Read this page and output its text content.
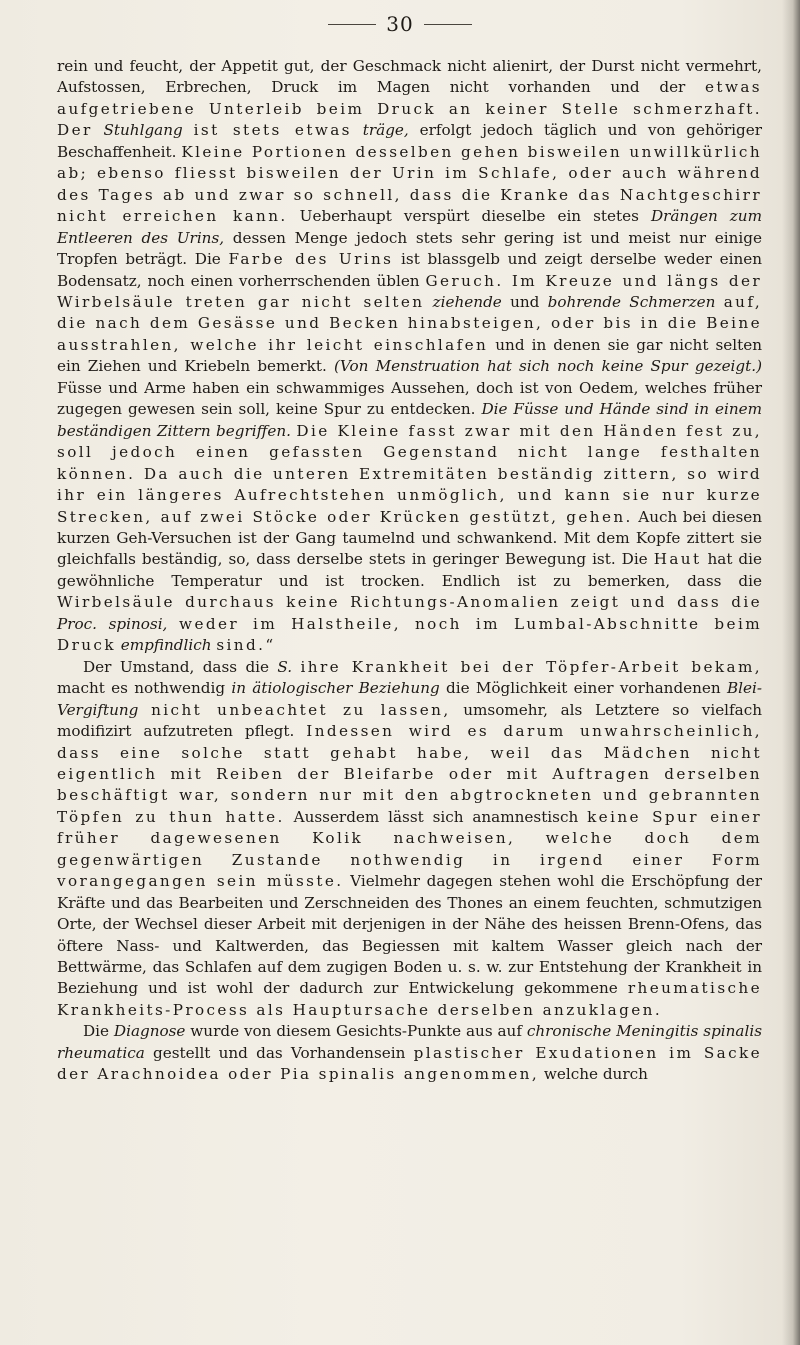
30

rein und feucht, der Appetit gut, der Geschmack nicht alienirt, der Durst nicht vermehrt, Aufstossen, Erbrechen, Druck im Magen nicht vorhanden und der etwas aufgetriebene Unterleib beim Druck an keiner Stelle schmerzhaft. Der Stuhlgang ist stets etwas träge, erfolgt jedoch täglich und von gehöriger Beschaffenheit. Kleine Portionen desselben gehen bisweilen unwillkürlich ab; ebenso fliesst bisweilen der Urin im Schlafe, oder auch während des Tages ab und zwar so schnell, dass die Kranke das Nachtgeschirr nicht erreichen kann. Ueberhaupt verspürt dieselbe ein stetes Drängen zum Entleeren des Urins, dessen Menge jedoch stets sehr gering ist und meist nur einige Tropfen beträgt. Die Farbe des Urins ist blassgelb und zeigt derselbe weder einen Bodensatz, noch einen vorherrschenden üblen Geruch. Im Kreuze und längs der Wirbelsäule treten gar nicht selten ziehende und bohrende Schmerzen auf, die nach dem Gesässe und Becken hinabsteigen, oder bis in die Beine ausstrahlen, welche ihr leicht einschlafen und in denen sie gar nicht selten ein Ziehen und Kriebeln bemerkt. (Von Menstruation hat sich noch keine Spur gezeigt.) Füsse und Arme haben ein schwammiges Aussehen, doch ist von Oedem, welches früher zugegen gewesen sein soll, keine Spur zu entdecken. Die Füsse und Hände sind in einem beständigen Zittern begriffen. Die Kleine fasst zwar mit den Händen fest zu, soll jedoch einen gefassten Gegenstand nicht lange festhalten können. Da auch die unteren Extremitäten beständig zittern, so wird ihr ein längeres Aufrechtstehen unmöglich, und kann sie nur kurze Strecken, auf zwei Stöcke oder Krücken gestützt, gehen. Auch bei diesen kurzen Geh-Versuchen ist der Gang taumelnd und schwankend. Mit dem Kopfe zittert sie gleichfalls beständig, so, dass derselbe stets in geringer Bewegung ist. Die Haut hat die gewöhnliche Temperatur und ist trocken. Endlich ist zu bemerken, dass die Wirbelsäule durchaus keine Richtungs-Anomalien zeigt und dass die Proc. spinosi, weder im Halstheile, noch im Lumbal-Abschnitte beim Druck empfindlich sind.“

Der Umstand, dass die S. ihre Krankheit bei der Töpfer-Arbeit bekam, macht es nothwendig in ätiologischer Beziehung die Möglichkeit einer vorhandenen Blei-Vergiftung nicht unbeachtet zu lassen, umsomehr, als Letztere so vielfach modifizirt aufzutreten pflegt. Indessen wird es darum unwahrscheinlich, dass eine solche statt gehabt habe, weil das Mädchen nicht eigentlich mit Reiben der Bleifarbe oder mit Auftragen derselben beschäftigt war, sondern nur mit den abgtrockneten und gebrannten Töpfen zu thun hatte. Ausserdem lässt sich anamnestisch keine Spur einer früher dagewesenen Kolik nachweisen, welche doch dem gegenwärtigen Zustande nothwendig in irgend einer Form vorangegangen sein müsste. Vielmehr dagegen stehen wohl die Erschöpfung der Kräfte und das Bearbeiten und Zerschneiden des Thones an einem feuchten, schmutzigen Orte, der Wechsel dieser Arbeit mit derjenigen in der Nähe des heissen Brenn-Ofens, das öftere Nass- und Kaltwerden, das Begiessen mit kaltem Wasser gleich nach der Bettwärme, das Schlafen auf dem zugigen Boden u. s. w. zur Entstehung der Krankheit in Beziehung und ist wohl der dadurch zur Entwickelung gekommene rheumatische Krankheits-Process als Hauptursache derselben anzuklagen.

Die Diagnose wurde von diesem Gesichts-Punkte aus auf chronische Meningitis spinalis rheumatica gestellt und das Vorhandensein plastischer Exudationen im Sacke der Arachnoidea oder Pia spinalis angenommen, welche durch
